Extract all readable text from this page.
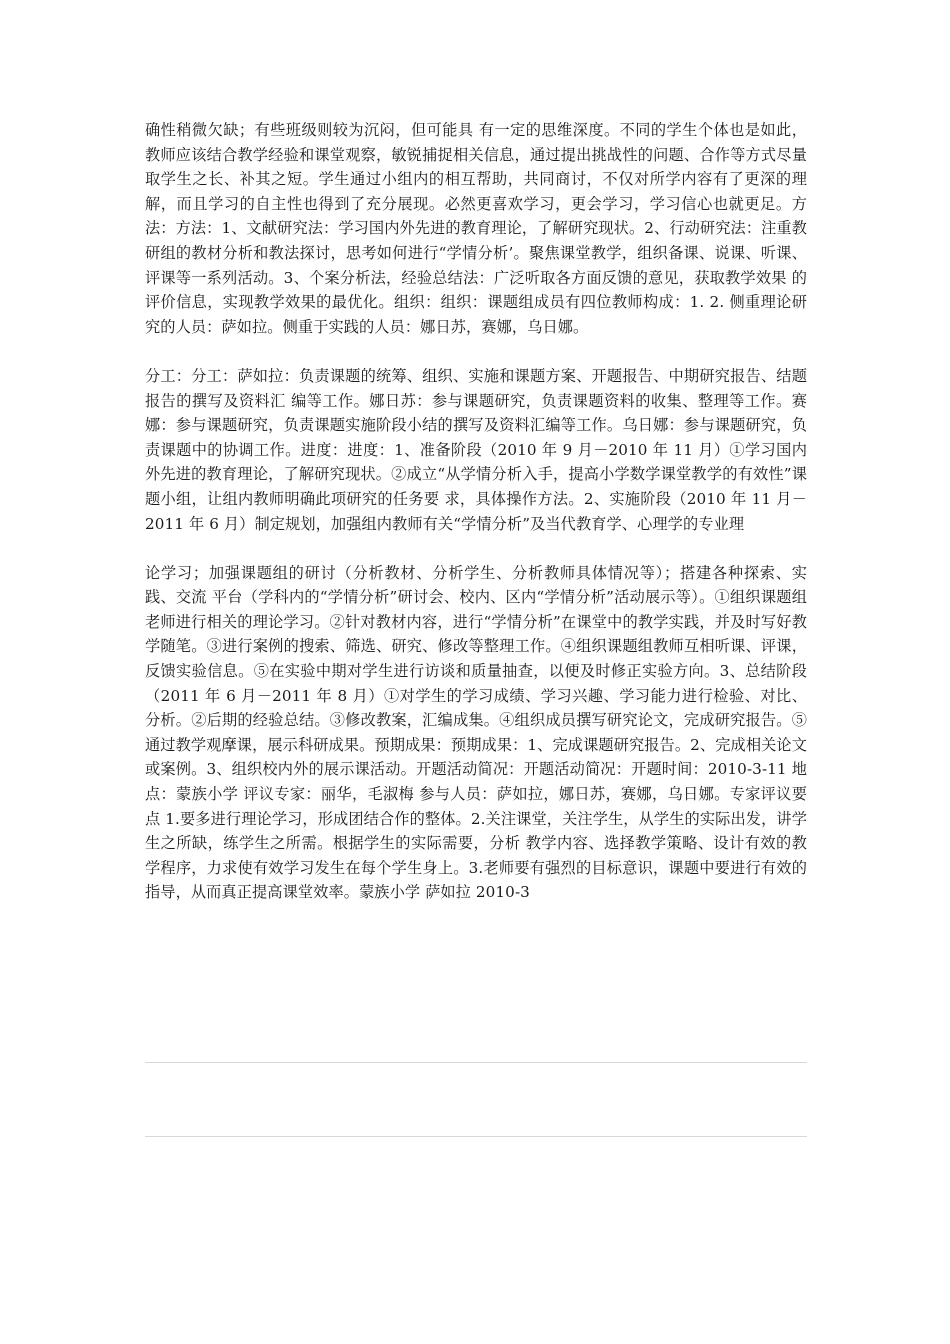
确性稍微欠缺；有些班级则较为沉闷，但可能具 有一定的思维深度。不同的学生个体也是如此，教师应该结合教学经验和课堂观察，敏锐捕捉相关信息，通过提出挑战性的问题、合作等方式尽量取学生之长、补其之短。学生通过小组内的相互帮助，共同商讨，不仅对所学内容有了更深的理解，而且学习的自主性也得到了充分展现。必然更喜欢学习，更会学习，学习信心也就更足。方法：方法：1、文献研究法：学习国内外先进的教育理论，了解研究现状。2、行动研究法：注重教研组的教材分析和教法探讨，思考如何进行“学情分析’。聚焦课堂教学，组织备课、说课、听课、评课等一系列活动。3、个案分析法，经验总结法：广泛听取各方面反馈的意见，获取教学效果 的评价信息，实现教学效果的最优化。组织：组织：课题组成员有四位教师构成：1. 2. 侧重理论研究的人员：萨如拉。侧重于实践的人员：娜日苏，赛娜，乌日娜。

分工：分工：萨如拉：负责课题的统筹、组织、实施和课题方案、开题报告、中期研究报告、结题报告的撰写及资料汇 编等工作。娜日苏：参与课题研究，负责课题资料的收集、整理等工作。赛娜：参与课题研究，负责课题实施阶段小结的撰写及资料汇编等工作。乌日娜：参与课题研究，负责课题中的协调工作。进度：进度：1、准备阶段（2010 年 9 月－2010 年 11 月）①学习国内外先进的教育理论，了解研究现状。②成立“从学情分析入手，提高小学数学课堂教学的有效性”课题小组，让组内教师明确此项研究的任务要 求，具体操作方法。2、实施阶段（2010 年 11 月－2011 年 6 月）制定规划，加强组内教师有关“学情分析”及当代教育学、心理学的专业理

论学习；加强课题组的研讨（分析教材、分析学生、分析教师具体情况等）；搭建各种探索、实践、交流 平台（学科内的“学情分析”研讨会、校内、区内“学情分析”活动展示等）。①组织课题组老师进行相关的理论学习。②针对教材内容，进行“学情分析”在课堂中的教学实践，并及时写好教学随笔。③进行案例的搜索、筛选、研究、修改等整理工作。④组织课题组教师互相听课、评课，反馈实验信息。⑤在实验中期对学生进行访谈和质量抽查，以便及时修正实验方向。3、总结阶段（2011 年 6 月－2011 年 8 月）①对学生的学习成绩、学习兴趣、学习能力进行检验、对比、分析。②后期的经验总结。③修改教案，汇编成集。④组织成员撰写研究论文，完成研究报告。⑤通过教学观摩课，展示科研成果。预期成果：预期成果：1、完成课题研究报告。2、完成相关论文或案例。3、组织校内外的展示课活动。开题活动简况：开题活动简况：开题时间：2010-3-11 地点：蒙族小学 评议专家：丽华，毛淑梅 参与人员：萨如拉，娜日苏，赛娜，乌日娜。专家评议要点 1.要多进行理论学习，形成团结合作的整体。2.关注课堂，关注学生，从学生的实际出发，讲学生之所缺，练学生之所需。根据学生的实际需要，分析 教学内容、选择教学策略、设计有效的教学程序，力求使有效学习发生在每个学生身上。3.老师要有强烈的目标意识，课题中要进行有效的指导，从而真正提高课堂效率。蒙族小学 萨如拉 2010-3
